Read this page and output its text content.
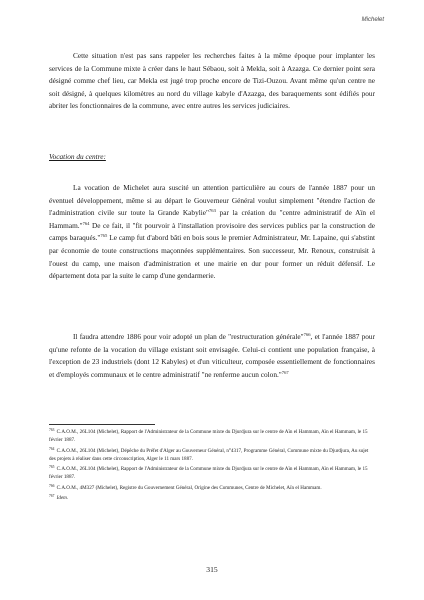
Michelet

Cette situation n'est pas sans rappeler les recherches faites à la même époque pour implanter les services de la Commune mixte à créer dans le haut Sébaou, soit à Mekla, soit à Azazga. Ce dernier point sera désigné comme chef lieu, car Mekla est jugé trop proche encore de Tizi-Ouzou. Avant même qu'un centre ne soit désigné, à quelques kilomètres au nord du village kabyle d'Azazga, des baraquements sont édifiés pour abriter les fonctionnaires de la commune, avec entre autres les services judiciaires.

Vocation du centre:

La vocation de Michelet aura suscité un attention particulière au cours de l'année 1887 pour un éventuel développement, même si au départ le Gouverneur Général voulut simplement "étendre l'action de l'administration civile sur toute la Grande Kabylie"$^{763}$ par la création du "centre administratif de Aïn el Hammam."$^{764}$ De ce fait, il "fit pourvoir à l'installation provisoire des services publics par la construction de camps baraqués."$^{765}$ Le camp fut d'abord bâti en bois sous le premier Administrateur, Mr. Lapaine, qui s'abstint par économie de toute constructions maçonnées supplémentaires. Son successeur, Mr. Renoux, construisit à l'ouest du camp, une maison d'administration et une mairie en dur pour former un réduit défensif. Le département dota par la suite le camp d'une gendarmerie.

Il faudra attendre 1886 pour voir adopté un plan de "restructuration générale"$^{766}$, et l'année 1887 pour qu'une refonte de la vocation du village existant soit envisagée. Celui-ci contient une population française, à l'exception de 23 industriels (dont 12 Kabyles) et d'un viticulteur, composée essentiellement de fonctionnaires et d'employés communaux et le centre administratif "ne renferme aucun colon."$^{767}$

$^{763}$ C.A.O.M., 26L104 (Michelet), Rapport de l'Administrateur de la Commune mixte du Djurdjura sur le centre de Aïn el Hammam, Aïn el Hammam, le 15 février 1887.

$^{764}$ C.A.O.M., 26L104 (Michelet), Dépêche du Préfet d'Alger au Gouverneur Général, n°4317, Programme Général, Commune mixte du Djurdjura, Au sujet des projets à réaliser dans cette circonscription, Alger le 11 mars 1887.

$^{765}$ C.A.O.M., 26L104 (Michelet), Rapport de l'Administrateur de la Commune mixte du Djurdjura sur le centre de Aïn el Hammam, Aïn el Hammam, le 15 février 1887.

$^{766}$ C.A.O.M., 4M327 (Michelet), Registre du Gouvernement Général, Origine des Communes, Centre de Michelet, Aïn el Hammam.

$^{767}$ Idem.

315
